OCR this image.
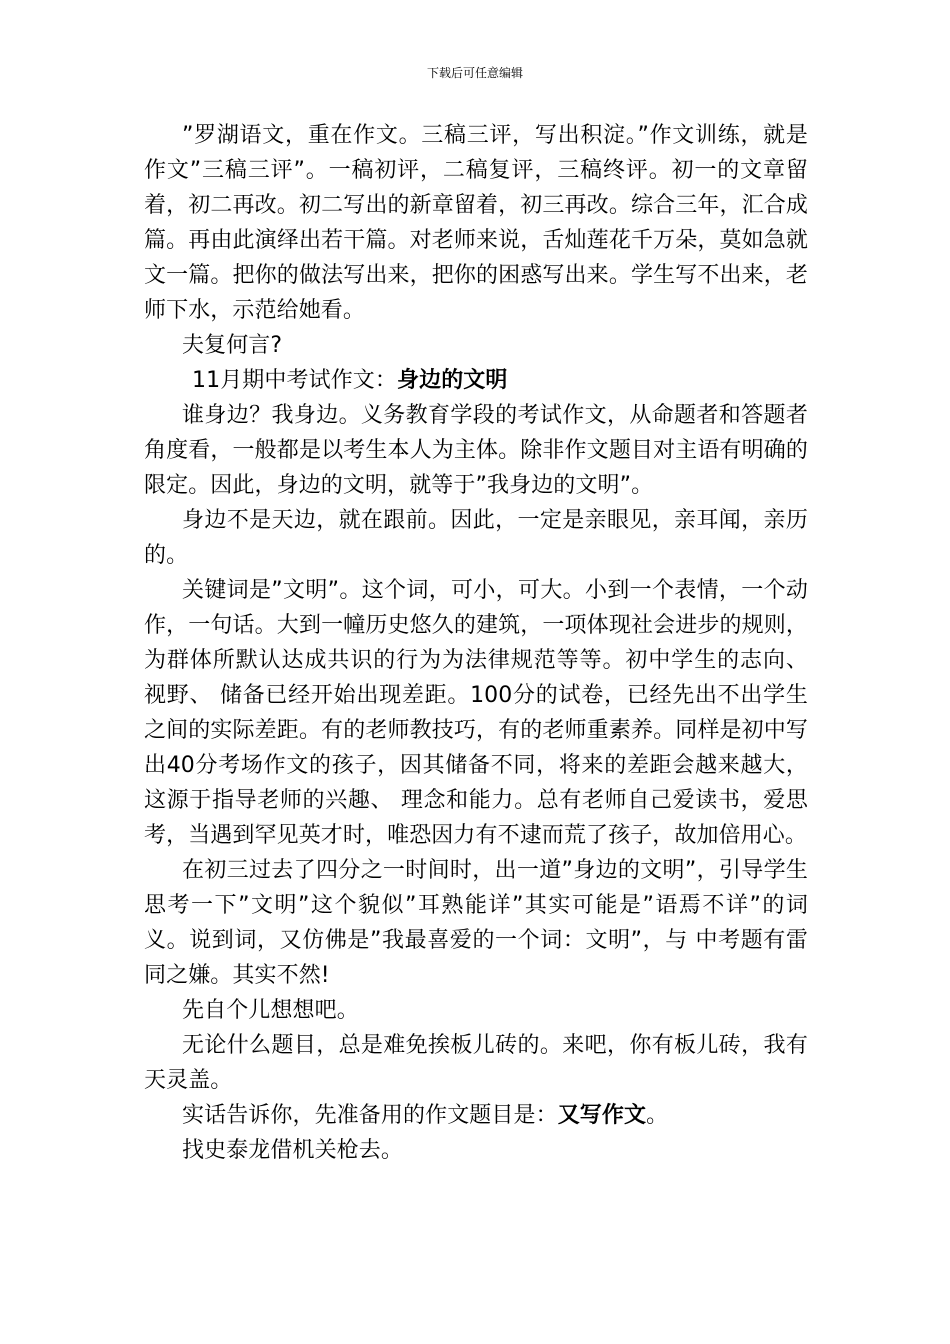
下载后可任意编辑

”罗湖语文，重在作文。三稿三评，写出积淀。”作文训练，就是作文”三稿三评”。一稿初评，二稿复评，三稿终评。初一的文章留着，初二再改。初二写出的新章留着，初三再改。综合三年，汇合成篇。再由此演绎出若干篇。对老师来说，舌灿莲花千万朵，莫如急就文一篇。把你的做法写出来，把你的困惑写出来。学生写不出来，老师下水，示范给她看。

夫复何言?

11月期中考试作文：身边的文明

谁身边？我身边。义务教育学段的考试作文，从命题者和答题者角度看，一般都是以考生本人为主体。除非作文题目对主语有明确的限定。因此，身边的文明，就等于”我身边的文明”。

身边不是天边，就在跟前。因此，一定是亲眼见，亲耳闻，亲历的。

关键词是”文明”。这个词，可小，可大。小到一个表情，一个动作，一句话。大到一幢历史悠久的建筑，一项体现社会进步的规则，为群体所默认达成共识的行为为法律规范等等。初中学生的志向、 视野、 储备已经开始出现差距。100分的试卷，已经先出不出学生之间的实际差距。有的老师教技巧，有的老师重素养。同样是初中写出40分考场作文的孩子，因其储备不同，将来的差距会越来越大，这源于指导老师的兴趣、 理念和能力。总有老师自己爱读书，爱思考，当遇到罕见英才时，唯恐因力有不逮而荒了孩子，故加倍用心。

在初三过去了四分之一时间时，出一道”身边的文明”，引导学生思考一下”文明”这个貌似”耳熟能详”其实可能是”语焉不详”的词义。说到词，又仿佛是”我最喜爱的一个词：文明”，与 中考题有雷同之嫌。其实不然!

先自个儿想想吧。

无论什么题目，总是难免挨板儿砖的。来吧，你有板儿砖，我有天灵盖。

实话告诉你，先准备用的作文题目是：又写作文。

找史泰龙借机关枪去。
